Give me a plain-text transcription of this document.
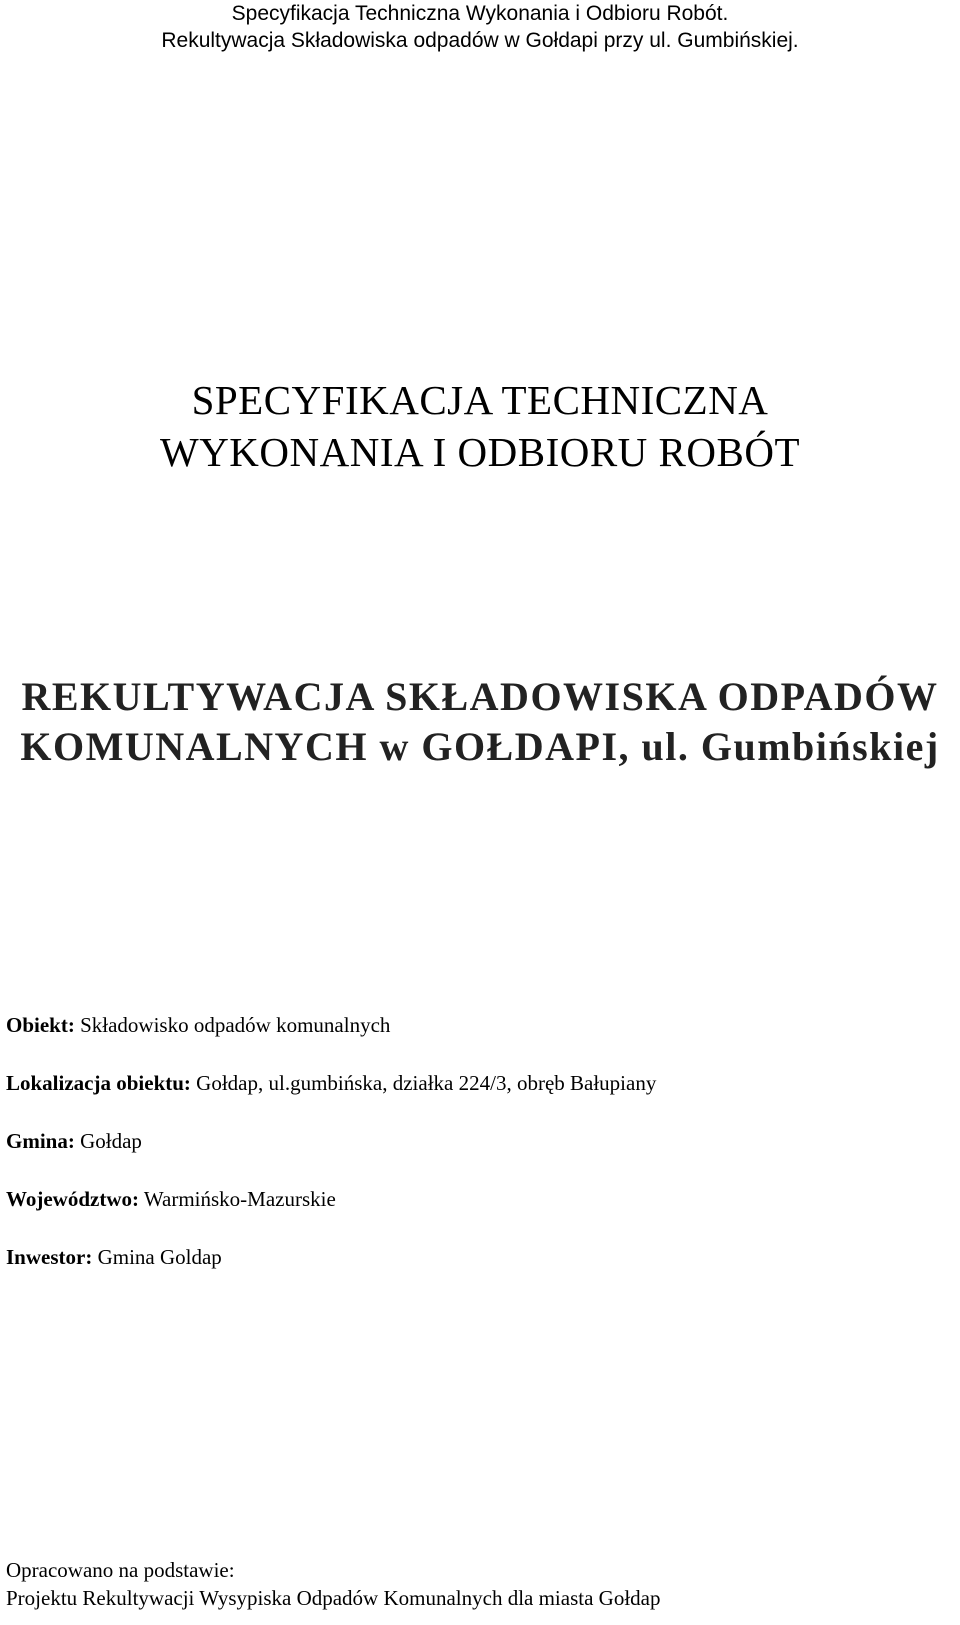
Specyfikacja Techniczna Wykonania i Odbioru Robót.
Rekultywacja Składowiska odpadów w Gołdapi przy ul. Gumbińskiej.
SPECYFIKACJA TECHNICZNA
WYKONANIA I ODBIORU ROBÓT
REKULTYWACJA SKŁADOWISKA ODPADÓW
KOMUNALNYCH w GOŁDAPI, ul. Gumbińskiej
Obiekt: Składowisko odpadów komunalnych
Lokalizacja obiektu: Gołdap, ul.gumbińska, działka 224/3, obręb Bałupiany
Gmina: Gołdap
Województwo: Warmińsko-Mazurskie
Inwestor: Gmina Goldap
Opracowano na podstawie:
Projektu Rekultywacji Wysypiska Odpadów Komunalnych dla miasta Gołdap
